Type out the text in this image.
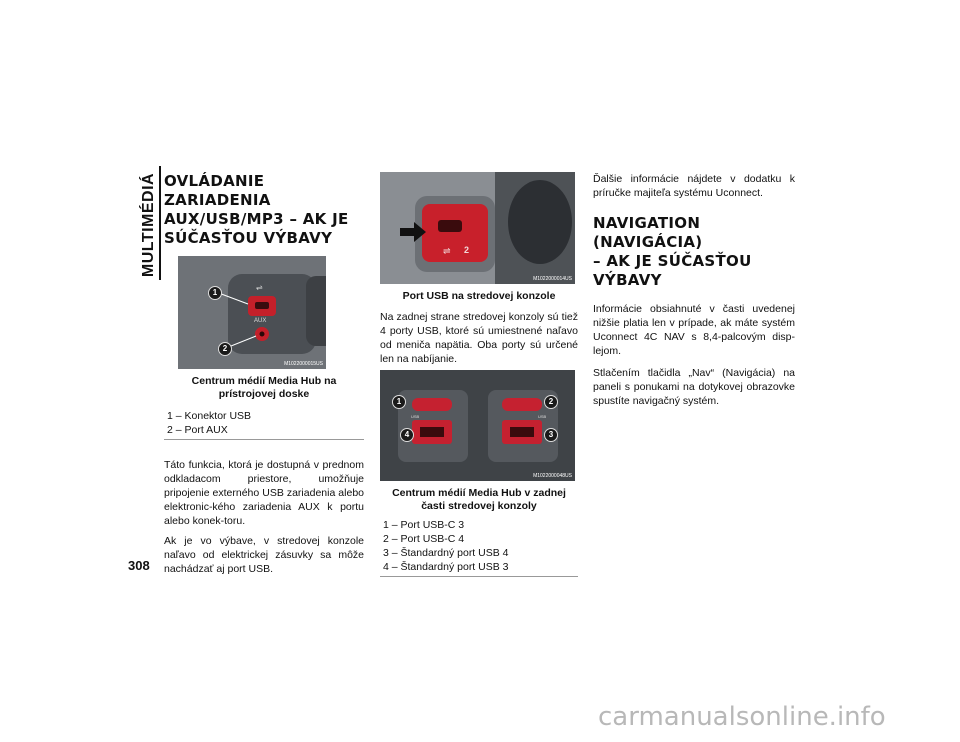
MULTIMÉDIÁ
308
OVLÁDANIE ZARIADENIA
AUX/USB/MP3 – AK JE
SÚČASŤOU VÝBAVY
⇌
AUX
1
2
M1022000015US
Centrum médií Media Hub na prístrojovej doske
1 – Konektor USB
2 – Port AUX

Táto funkcia, ktorá je dostupná v prednom odkladacom priestore, umožňuje pripojenie externého USB zariadenia alebo elektronic-kého zariadenia AUX k portu alebo konek-toru.

Ak je vo výbave, v stredovej konzole naľavo od elektrickej zásuvky sa môže nachádzať aj port USB.

⇌ 2
M1022000014US
Port USB na stredovej konzole

Na zadnej strane stredovej konzoly sú tiež 4 porty USB, ktoré sú umiestnené naľavo od meniča napätia. Oba porty sú určené len na nabíjanie.

USB	USB
1
4
2
3
M1022000048US
Centrum médií Media Hub v zadnej časti stredovej konzoly
1 – Port USB-C 3
2 – Port USB-C 4
3 – Štandardný port USB 4
4 – Štandardný port USB 3

Ďalšie informácie nájdete v dodatku k príručke majiteľa systému Uconnect.

NAVIGATION (NAVIGÁCIA)
– AK JE SÚČASŤOU VÝBAVY

Informácie obsiahnuté v časti uvedenej nižšie platia len v prípade, ak máte systém Uconnect 4C NAV s 8,4-palcovým disp-lejom.

Stlačením tlačidla „Nav“ (Navigácia) na paneli s ponukami na dotykovej obrazovke spustíte navigačný systém.

carmanualsonline.info
